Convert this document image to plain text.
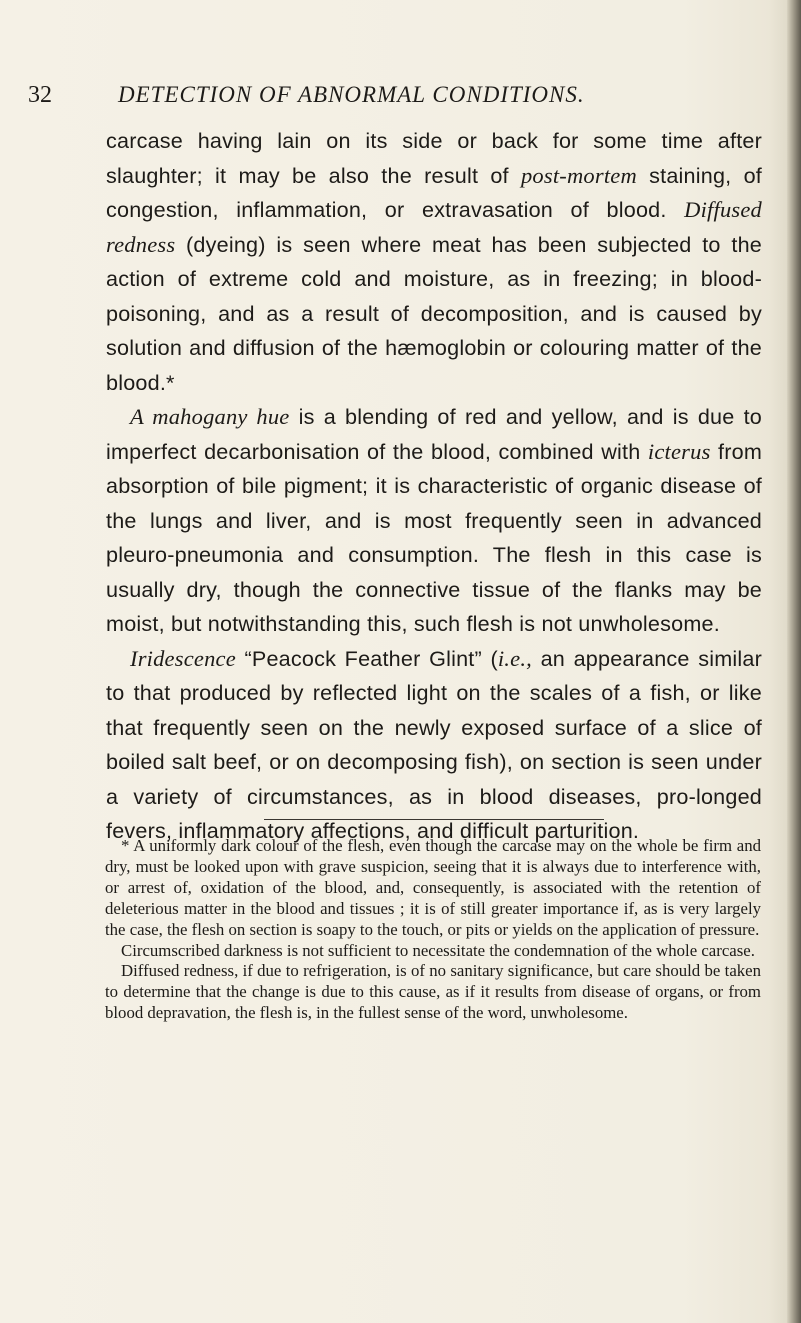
32	DETECTION OF ABNORMAL CONDITIONS.

carcase having lain on its side or back for some time after slaughter; it may be also the result of post-mortem staining, of congestion, inflammation, or extravasation of blood. Diffused redness (dyeing) is seen where meat has been subjected to the action of extreme cold and moisture, as in freezing; in blood-poisoning, and as a result of decomposition, and is caused by solution and diffusion of the hæmoglobin or colouring matter of the blood.*

A mahogany hue is a blending of red and yellow, and is due to imperfect decarbonisation of the blood, combined with icterus from absorption of bile pigment; it is characteristic of organic disease of the lungs and liver, and is most frequently seen in advanced pleuro-pneumonia and consumption. The flesh in this case is usually dry, though the connective tissue of the flanks may be moist, but notwithstanding this, such flesh is not unwholesome.

Iridescence “Peacock Feather Glint” (i.e., an appearance similar to that produced by reflected light on the scales of a fish, or like that frequently seen on the newly exposed surface of a slice of boiled salt beef, or on decomposing fish), on section is seen under a variety of circumstances, as in blood diseases, pro-longed fevers, inflammatory affections, and difficult parturition.

* A uniformly dark colour of the flesh, even though the carcase may on the whole be firm and dry, must be looked upon with grave suspicion, seeing that it is always due to interference with, or arrest of, oxidation of the blood, and, consequently, is associated with the retention of deleterious matter in the blood and tissues ; it is of still greater importance if, as is very largely the case, the flesh on section is soapy to the touch, or pits or yields on the application of pressure.

Circumscribed darkness is not sufficient to necessitate the condemnation of the whole carcase.

Diffused redness, if due to refrigeration, is of no sanitary significance, but care should be taken to determine that the change is due to this cause, as if it results from disease of organs, or from blood depravation, the flesh is, in the fullest sense of the word, unwholesome.
